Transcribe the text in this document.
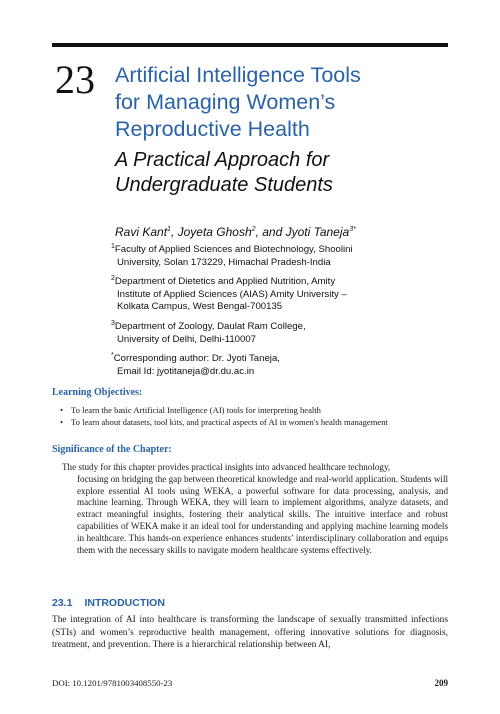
23 Artificial Intelligence Tools
for Managing Women’s
Reproductive Health
A Practical Approach for
Undergraduate Students
Ravi Kant$^1$, Joyeta Ghosh$^2$, and Jyoti Taneja$^{3*}$
$^1$Faculty of Applied Sciences and Biotechnology, Shoolini
University, Solan 173229, Himachal Pradesh-India
$^2$Department of Dietetics and Applied Nutrition, Amity
Institute of Applied Sciences (AIAS) Amity University –
Kolkata Campus, West Bengal-700135
$^3$Department of Zoology, Daulat Ram College,
University of Delhi, Delhi-110007
*Corresponding author: Dr. Jyoti Taneja,
Email Id: jyotitaneja@dr.du.ac.in
Learning Objectives:
• To learn the basic Artificial Intelligence (AI) tools for interpreting health
• To learn about datasets, tool kits, and practical aspects of AI in women's health management
Significance of the Chapter:
The study for this chapter provides practical insights into advanced healthcare technology,
focusing on bridging the gap between theoretical knowledge and real-world application. Students will explore essential AI tools using WEKA, a powerful software for data processing, analysis, and machine learning. Through WEKA, they will learn to implement algorithms, analyze datasets, and extract meaningful insights, fostering their analytical skills. The intuitive interface and robust capabilities of WEKA make it an ideal tool for understanding and applying machine learning models in healthcare. This hands-on experience enhances students’ interdisciplinary collaboration and equips them with the necessary skills to navigate modern healthcare systems effectively.
23.1 INTRODUCTION
The integration of AI into healthcare is transforming the landscape of sexually transmitted infections (STIs) and women’s reproductive health management, offering innovative solutions for diagnosis, treatment, and prevention. There is a hierarchical relationship between AI,
DOI: 10.1201/9781003408550-23	209
